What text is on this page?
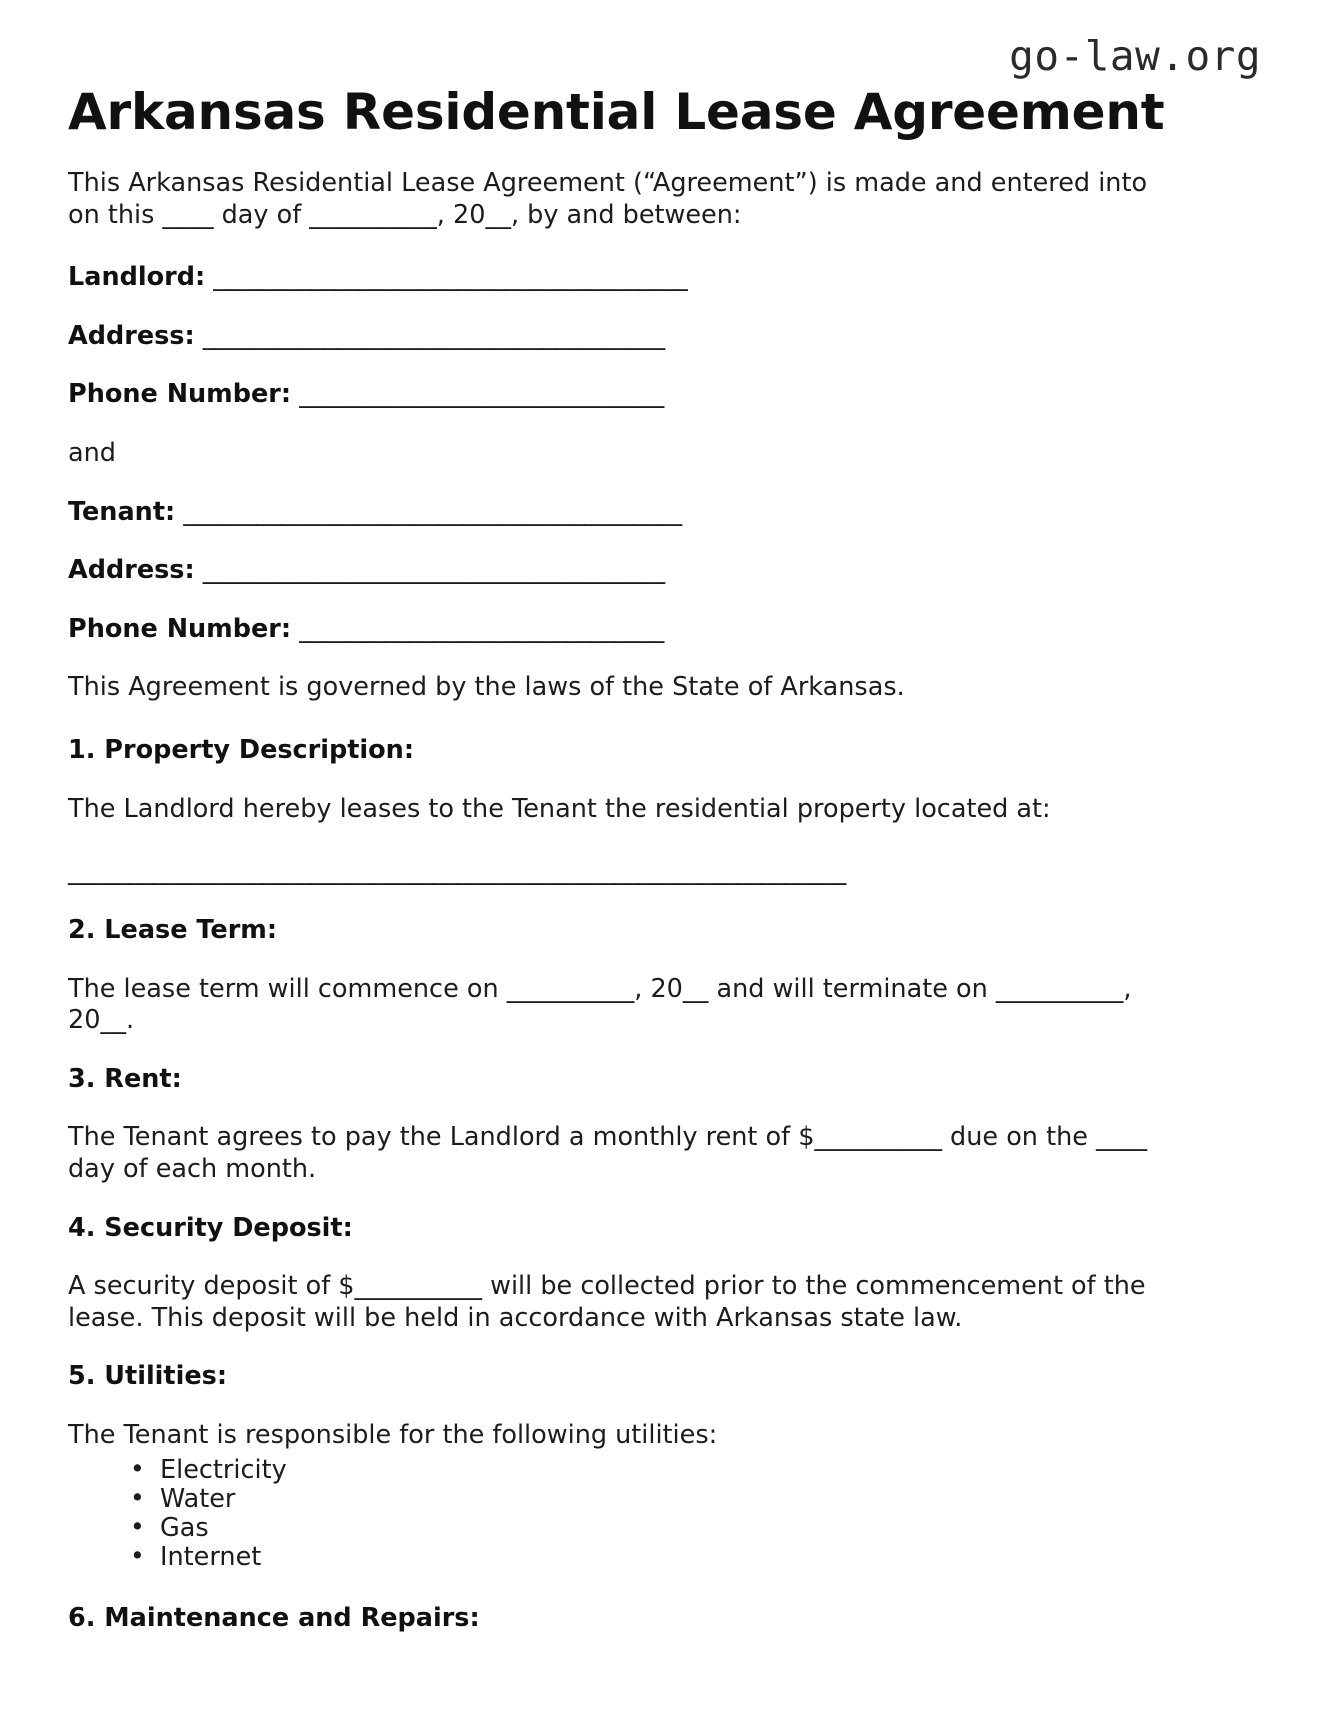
go-law.org
Arkansas Residential Lease Agreement

This Arkansas Residential Lease Agreement (“Agreement”) is made and entered into on this ____ day of __________, 20__, by and between:

Landlord: _______________________________________
Address: ______________________________________
Phone Number: ______________________________

and

Tenant: _________________________________________
Address: ______________________________________
Phone Number: ______________________________

This Agreement is governed by the laws of the State of Arkansas.

1. Property Description:

The Landlord hereby leases to the Tenant the residential property located at:

________________________________________________________________
2. Lease Term:

The lease term will commence on __________, 20__ and will terminate on __________, 20__.

3. Rent:

The Tenant agrees to pay the Landlord a monthly rent of $__________ due on the ____ day of each month.

4. Security Deposit:

A security deposit of $__________ will be collected prior to the commencement of the lease. This deposit will be held in accordance with Arkansas state law.

5. Utilities:

The Tenant is responsible for the following utilities:

• Electricity
• Water
• Gas
• Internet
6. Maintenance and Repairs:
